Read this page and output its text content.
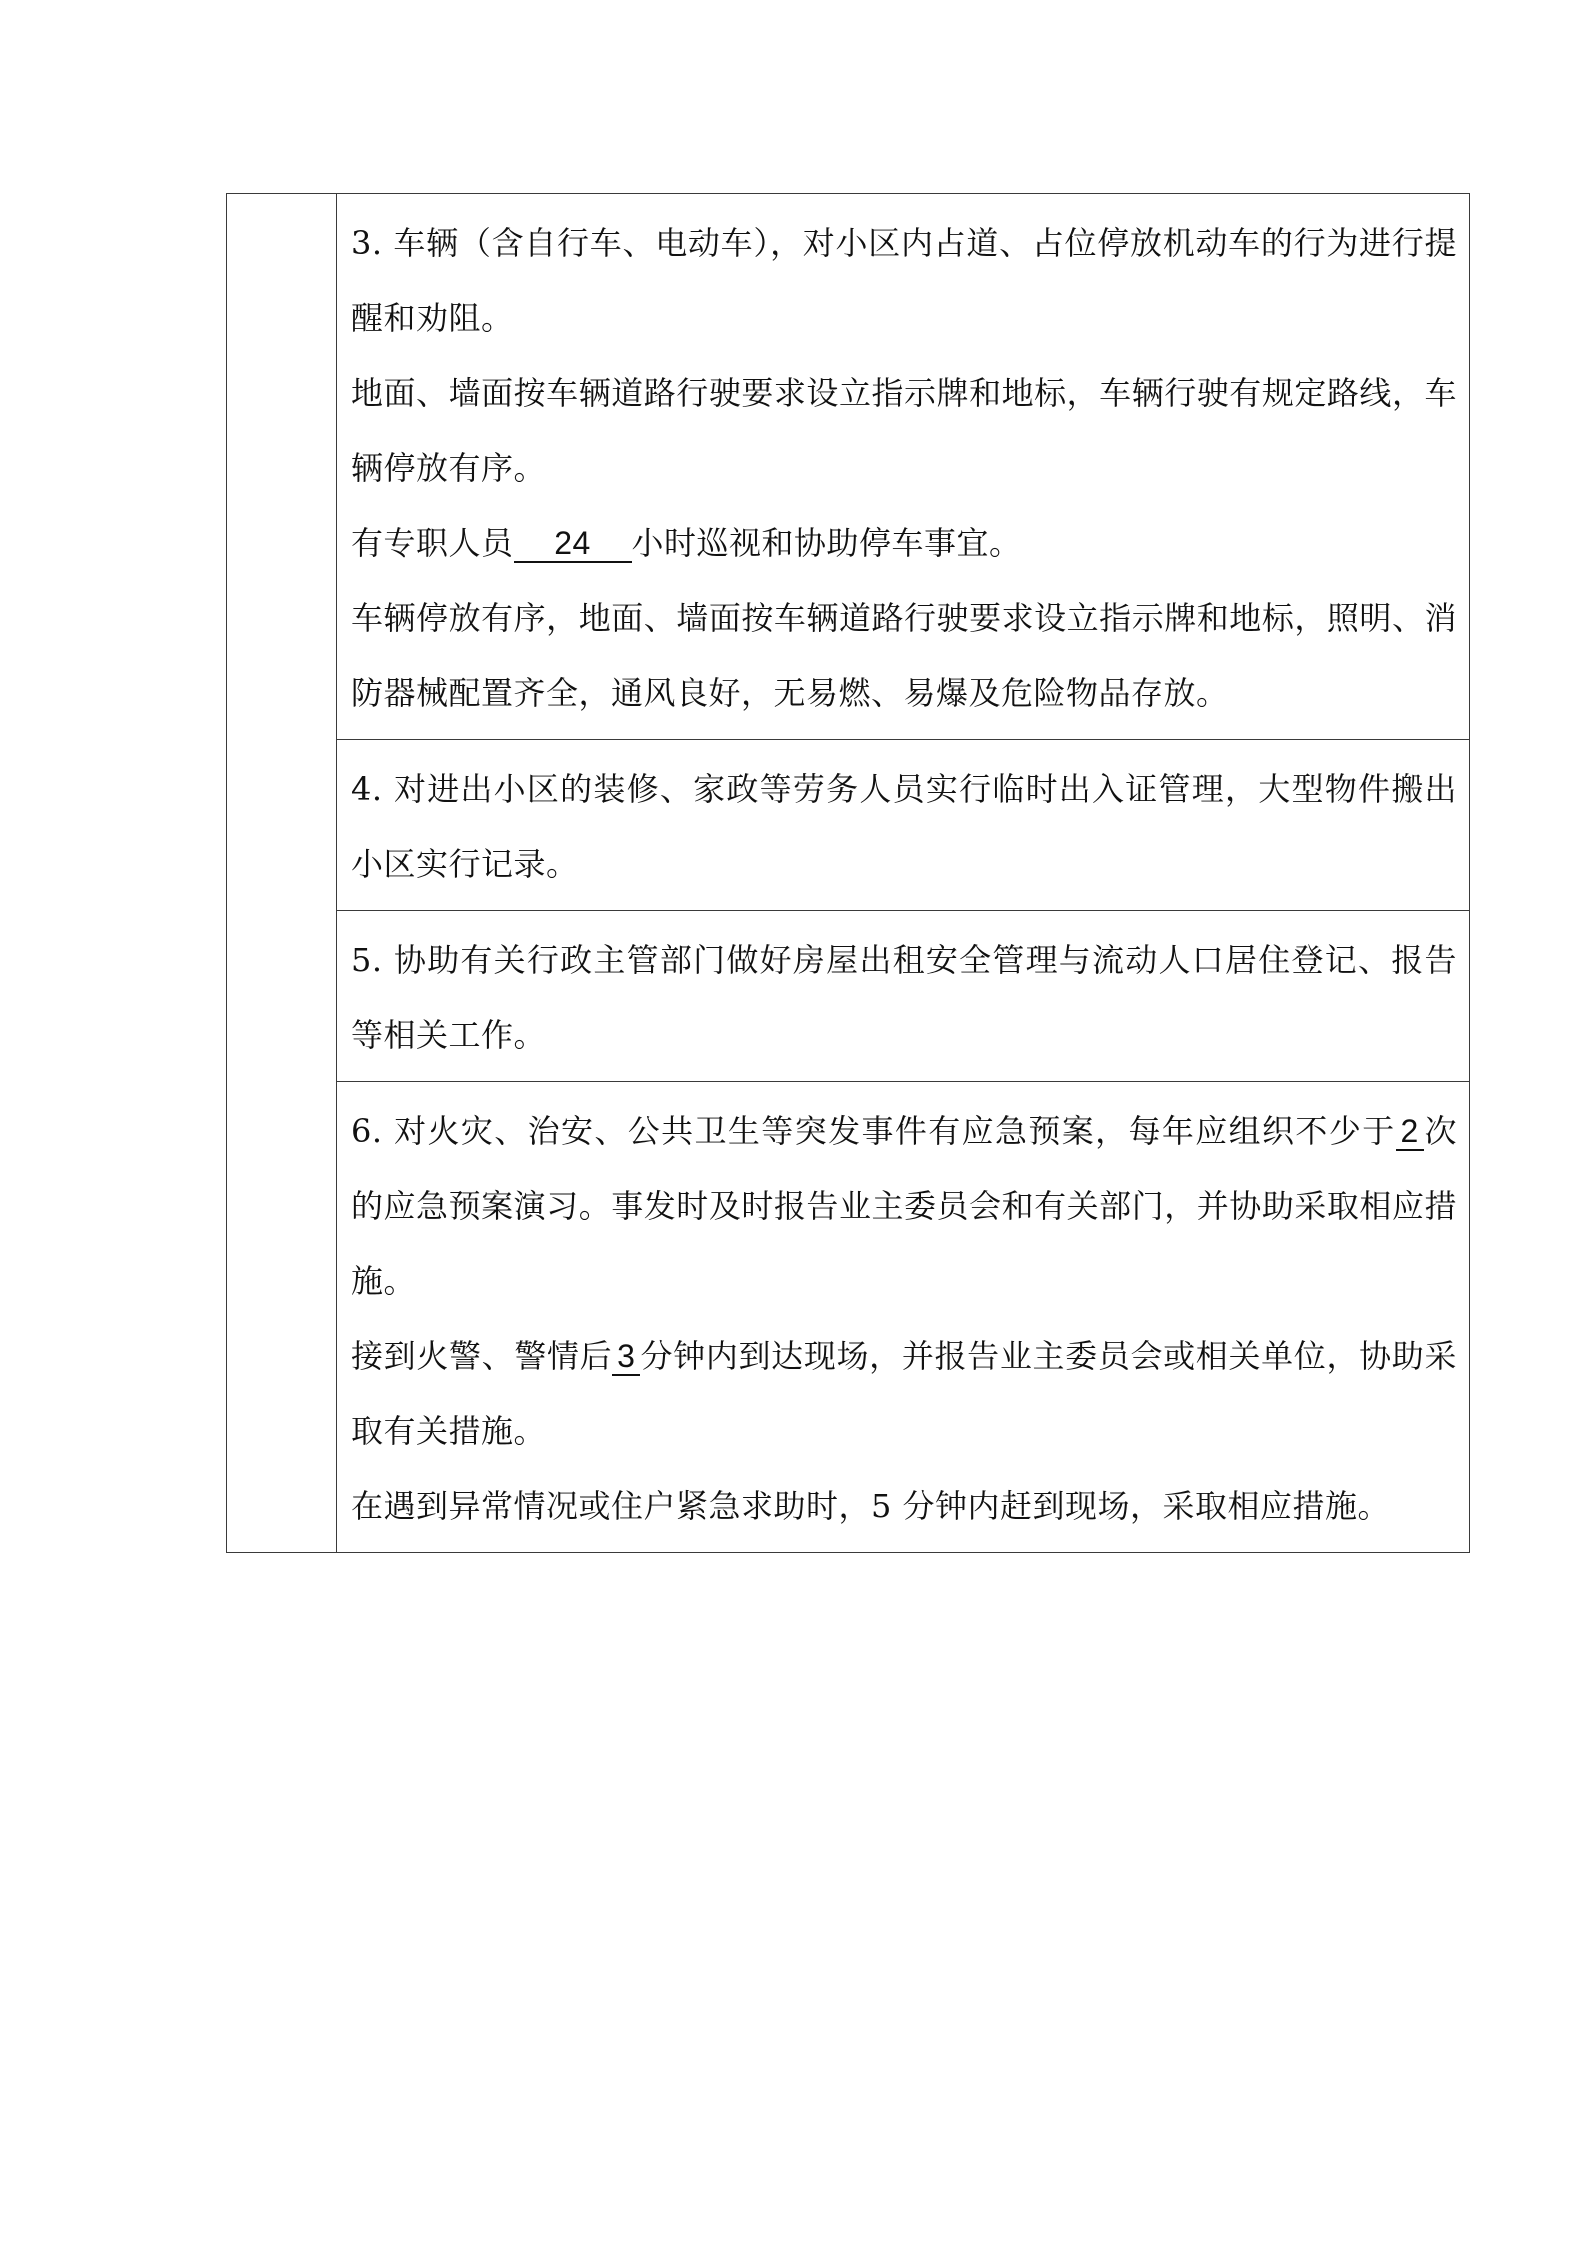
3. 车辆（含自行车、电动车），对小区内占道、占位停放机动车的行为进行提醒和劝阻。

地面、墙面按车辆道路行驶要求设立指示牌和地标，车辆行驶有规定路线，车辆停放有序。

有专职人员 24 小时巡视和协助停车事宜。

车辆停放有序，地面、墙面按车辆道路行驶要求设立指示牌和地标，照明、消防器械配置齐全，通风良好，无易燃、易爆及危险物品存放。

4. 对进出小区的装修、家政等劳务人员实行临时出入证管理，大型物件搬出小区实行记录。

5. 协助有关行政主管部门做好房屋出租安全管理与流动人口居住登记、报告等相关工作。

6. 对火灾、治安、公共卫生等突发事件有应急预案，每年应组织不少于 2 次的应急预案演习。事发时及时报告业主委员会和有关部门，并协助采取相应措施。

接到火警、警情后 3 分钟内到达现场，并报告业主委员会或相关单位，协助采取有关措施。

在遇到异常情况或住户紧急求助时，5 分钟内赶到现场，采取相应措施。
